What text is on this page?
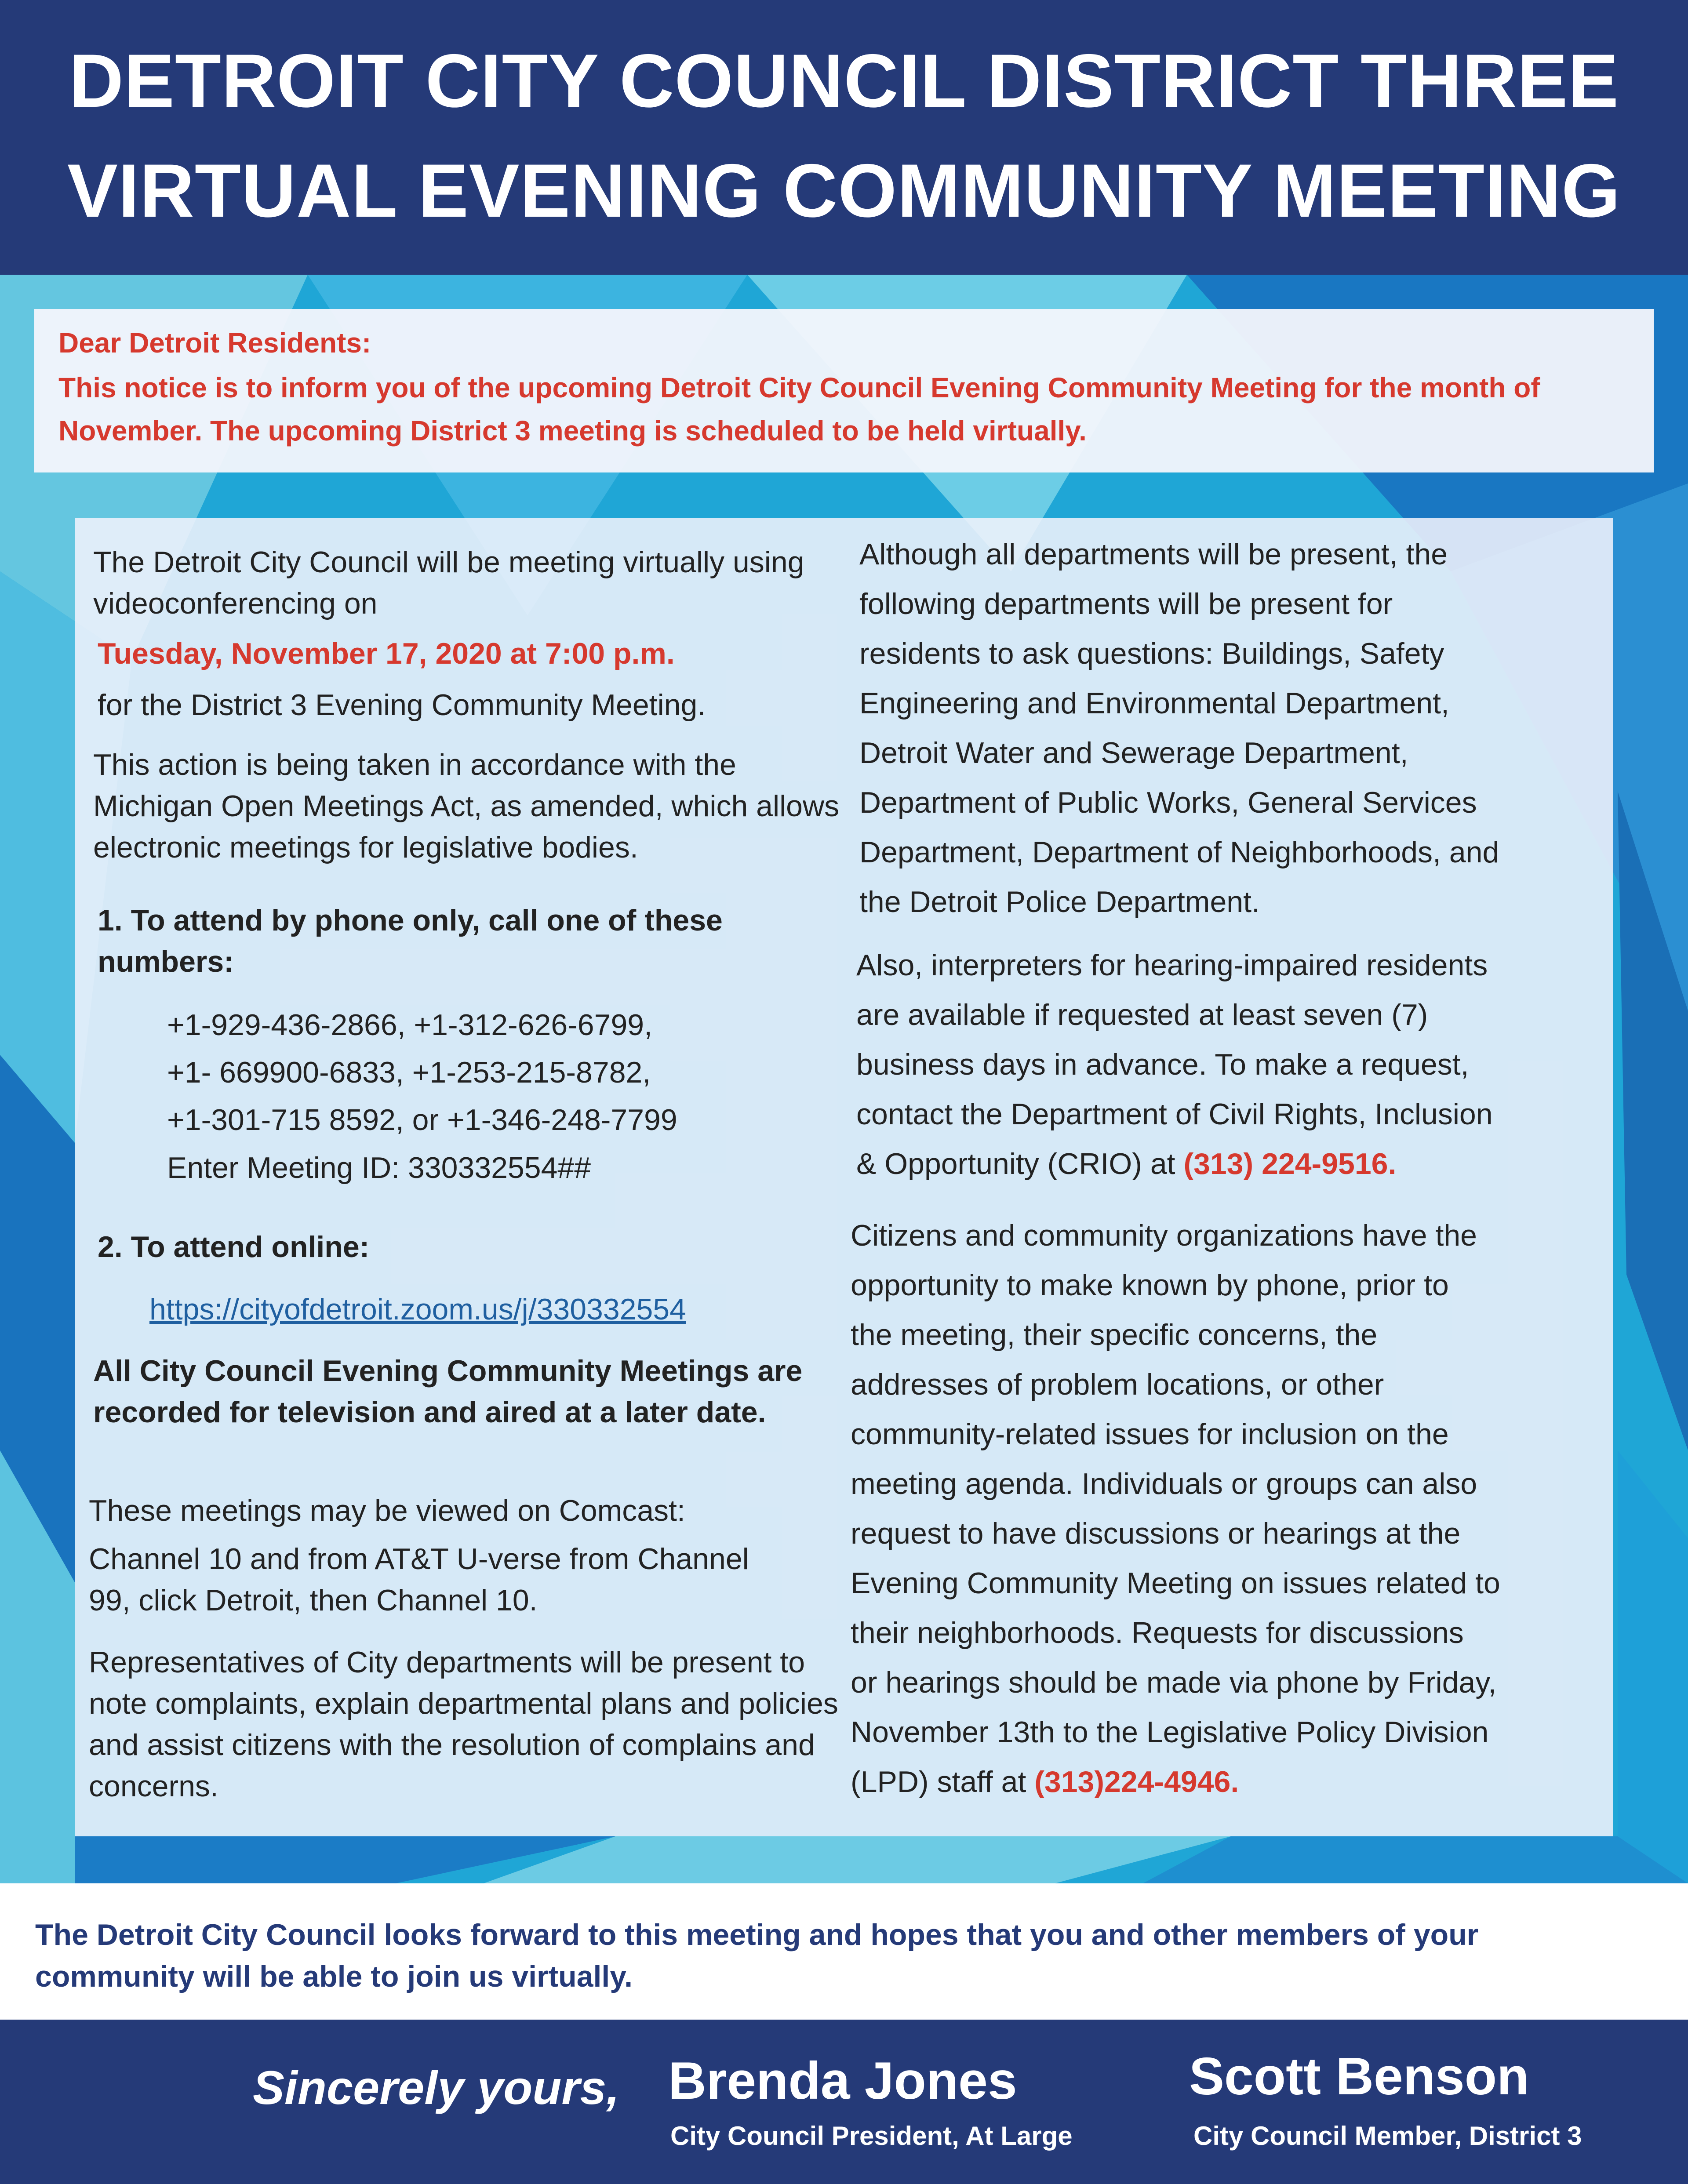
DETROIT CITY COUNCIL DISTRICT THREE
VIRTUAL EVENING COMMUNITY MEETING
Dear Detroit Residents:
This notice is to inform you of the upcoming Detroit City Council Evening Community Meeting for the month of November. The upcoming District 3 meeting is scheduled to be held virtually.
The Detroit City Council will be meeting virtually using videoconferencing on
Tuesday, November 17, 2020 at 7:00 p.m.
for the District 3 Evening Community Meeting.
This action is being taken in accordance with the Michigan Open Meetings Act, as amended, which allows electronic meetings for legislative bodies.
1. To attend by phone only, call one of these numbers:
+1-929-436-2866, +1-312-626-6799,
+1- 669900-6833, +1-253-215-8782,
+1-301-715 8592, or +1-346-248-7799
Enter Meeting ID: 330332554##
2. To attend online:
https://cityofdetroit.zoom.us/j/330332554
All City Council Evening Community Meetings are recorded for television and aired at a later date.
These meetings may be viewed on Comcast:
Channel 10 and from AT&T U-verse from Channel 99, click Detroit, then Channel 10.
Representatives of City departments will be present to note complaints, explain departmental plans and policies and assist citizens with the resolution of complains and concerns.
Although all departments will be present, the
following departments will be present for
residents to ask questions: Buildings, Safety
Engineering and Environmental Department,
Detroit Water and Sewerage Department,
Department of Public Works, General Services
Department, Department of Neighborhoods, and
the Detroit Police Department.
Also, interpreters for hearing-impaired residents
are available if requested at least seven (7)
business days in advance. To make a request,
contact the Department of Civil Rights, Inclusion
& Opportunity (CRIO) at (313) 224-9516.
Citizens and community organizations have the
opportunity to make known by phone, prior to
the meeting, their specific concerns, the
addresses of problem locations, or other
community-related issues for inclusion on the
meeting agenda. Individuals or groups can also
request to have discussions or hearings at the
Evening Community Meeting on issues related to
their neighborhoods. Requests for discussions
or hearings should be made via phone by Friday,
November 13th to the Legislative Policy Division
(LPD) staff at (313)224-4946.
The Detroit City Council looks forward to this meeting and hopes that you and other members of your community will be able to join us virtually.
Sincerely yours, Brenda Jones
City Council President, At Large
Scott Benson
City Council Member, District 3
